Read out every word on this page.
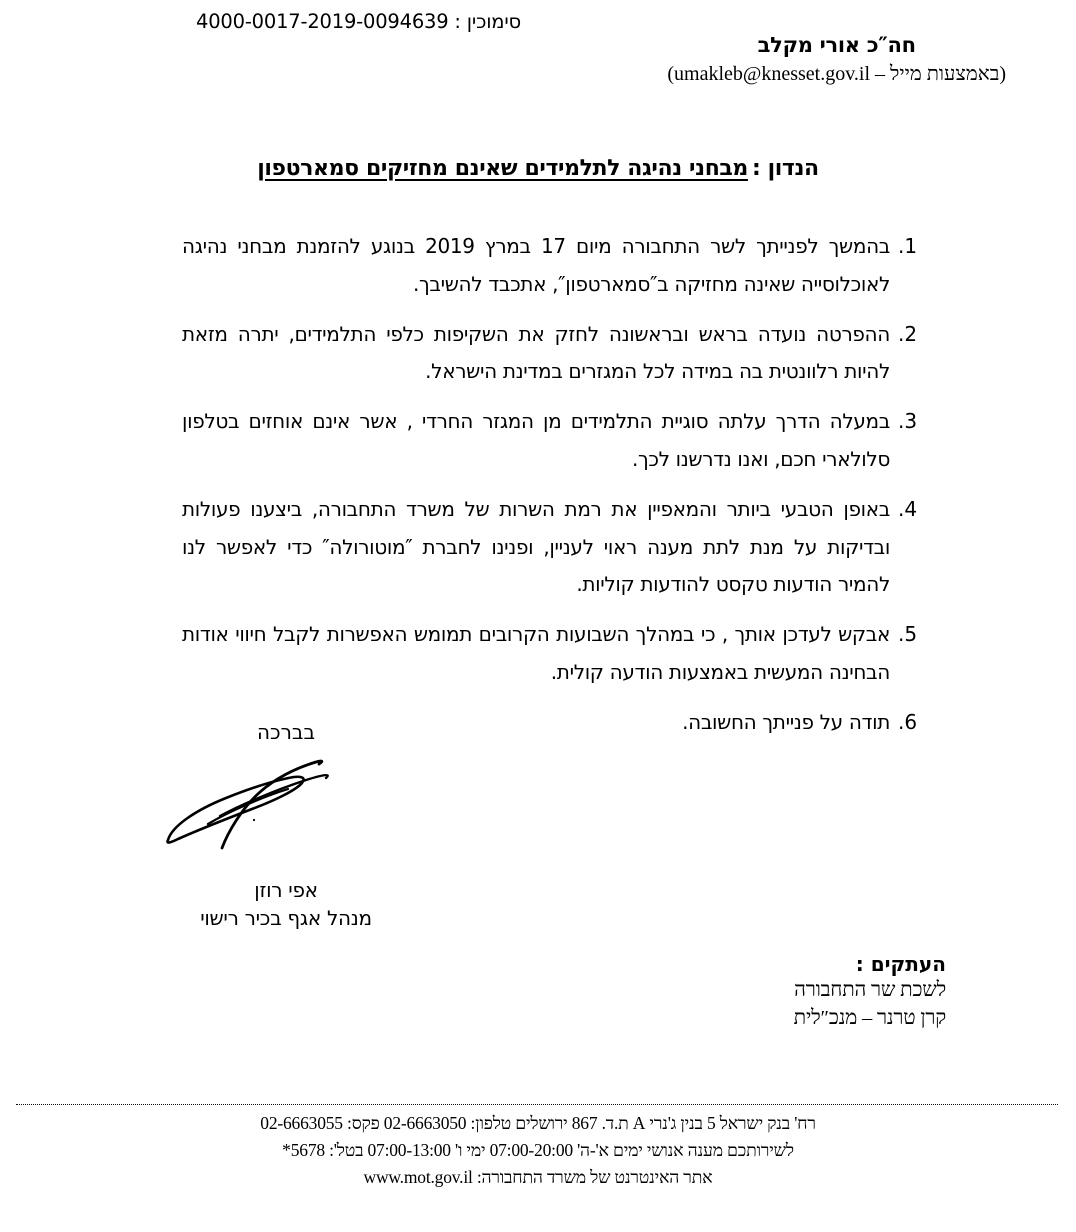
סימוכין : 4000-0017-2019-0094639
חה″כ אורי מקלב
(באמצעות מייל – umakleb@knesset.gov.il)
הנדון : מבחני נהיגה לתלמידים שאינם מחזיקים סמארטפון
.1
בהמשך לפנייתך לשר התחבורה מיום 17 במרץ 2019 בנוגע להזמנת מבחני נהיגה לאוכלוסייה שאינה מחזיקה ב″סמארטפון″, אתכבד להשיבך.
.2
ההפרטה נועדה בראש ובראשונה לחזק את השקיפות כלפי התלמידים, יתרה מזאת להיות רלוונטית בה במידה לכל המגזרים במדינת הישראל.
.3
במעלה הדרך עלתה סוגיית התלמידים מן המגזר החרדי , אשר אינם אוחזים בטלפון סלולארי חכם, ואנו נדרשנו לכך.
.4
באופן הטבעי ביותר והמאפיין את רמת השרות של משרד התחבורה, ביצענו פעולות ובדיקות על מנת לתת מענה ראוי לעניין, ופנינו לחברת ″מוטורולה″ כדי לאפשר לנו להמיר הודעות טקסט להודעות קוליות.
.5
אבקש לעדכן אותך , כי במהלך השבועות הקרובים תמומש האפשרות לקבל חיווי אודות הבחינה המעשית באמצעות הודעה קולית.
.6
תודה על פנייתך החשובה.
בברכה
אפי רוזן
מנהל אגף בכיר רישוי
העתקים :
לשכת שר התחבורה
קרן טרנר – מנכ″לית
רח' בנק ישראל 5 בנין ג'נרי A ת.ד. 867 ירושלים טלפון: 02-6663050 פקס: 02-6663055
לשירותכם מענה אנושי ימים א'-ה' 07:00-20:00 ימי ו' 07:00-13:00 בטל': 5678*
אתר האינטרנט של משרד התחבורה: www.mot.gov.il
